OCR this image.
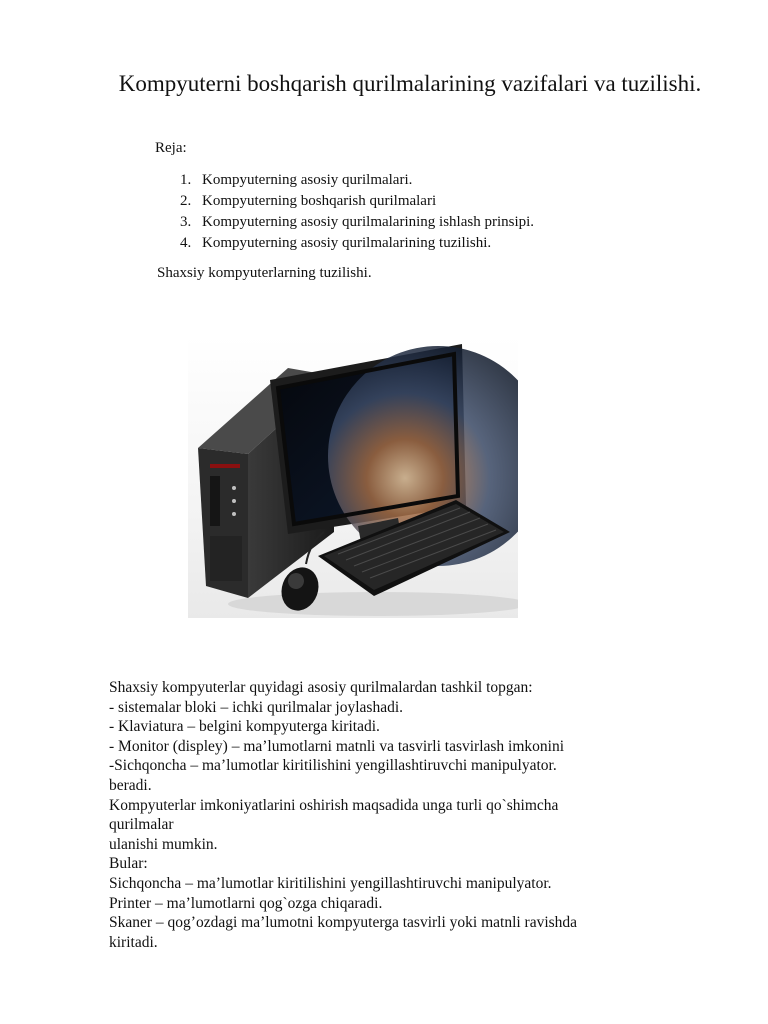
Kompyuterni boshqarish qurilmalarining vazifalari va tuzilishi.
Reja:
1. Kompyuterning asosiy qurilmalari.
2. Kompyuterning boshqarish qurilmalari
3. Kompyuterning asosiy qurilmalarining ishlash prinsipi.
4. Kompyuterning asosiy qurilmalarining tuzilishi.
Shaxsiy kompyuterlarning tuzilishi.
Shaxsiy kompyuterlar quyidagi asosiy qurilmalardan tashkil topgan:
- sistemalar bloki – ichki qurilmalar joylashadi.
- Klaviatura – belgini kompyuterga kiritadi.
- Monitor (displey) – ma’lumotlarni matnli va tasvirli tasvirlash imkonini
-Sichqoncha – ma’lumotlar kiritilishini yengillashtiruvchi manipulyator.
beradi.
Kompyuterlar imkoniyatlarini oshirish maqsadida unga turli qo`shimcha
qurilmalar
ulanishi mumkin.
Bular:
Sichqoncha – ma’lumotlar kiritilishini yengillashtiruvchi manipulyator.
Printer – ma’lumotlarni qog`ozga chiqaradi.
Skaner – qog’ozdagi ma’lumotni kompyuterga tasvirli yoki matnli ravishda
kiritadi.
